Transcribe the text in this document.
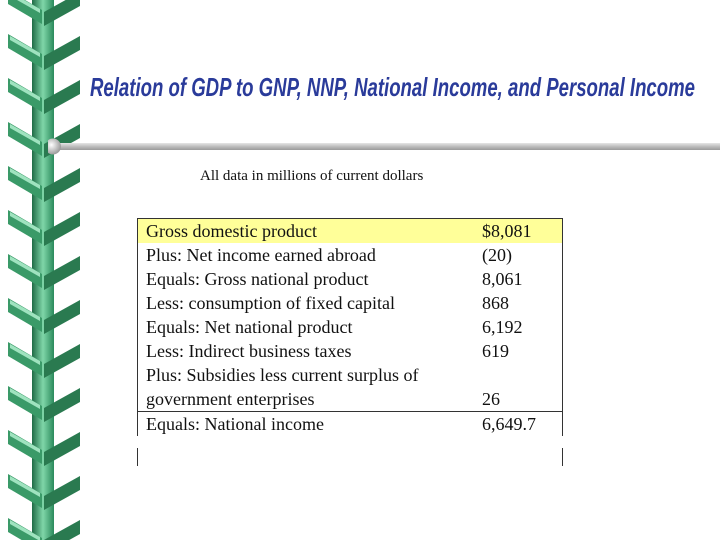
Relation of GDP to GNP, NNP, National Income, and Personal Income
All data in millions of current dollars
Gross domestic product	$8,081
Plus: Net income earned abroad	(20)
Equals: Gross national product	8,061
Less: consumption of fixed capital	868
Equals: Net national product	6,192
Less: Indirect business taxes	619
Plus: Subsidies less current surplus of	
government enterprises	26
Equals: National income	6,649.7
